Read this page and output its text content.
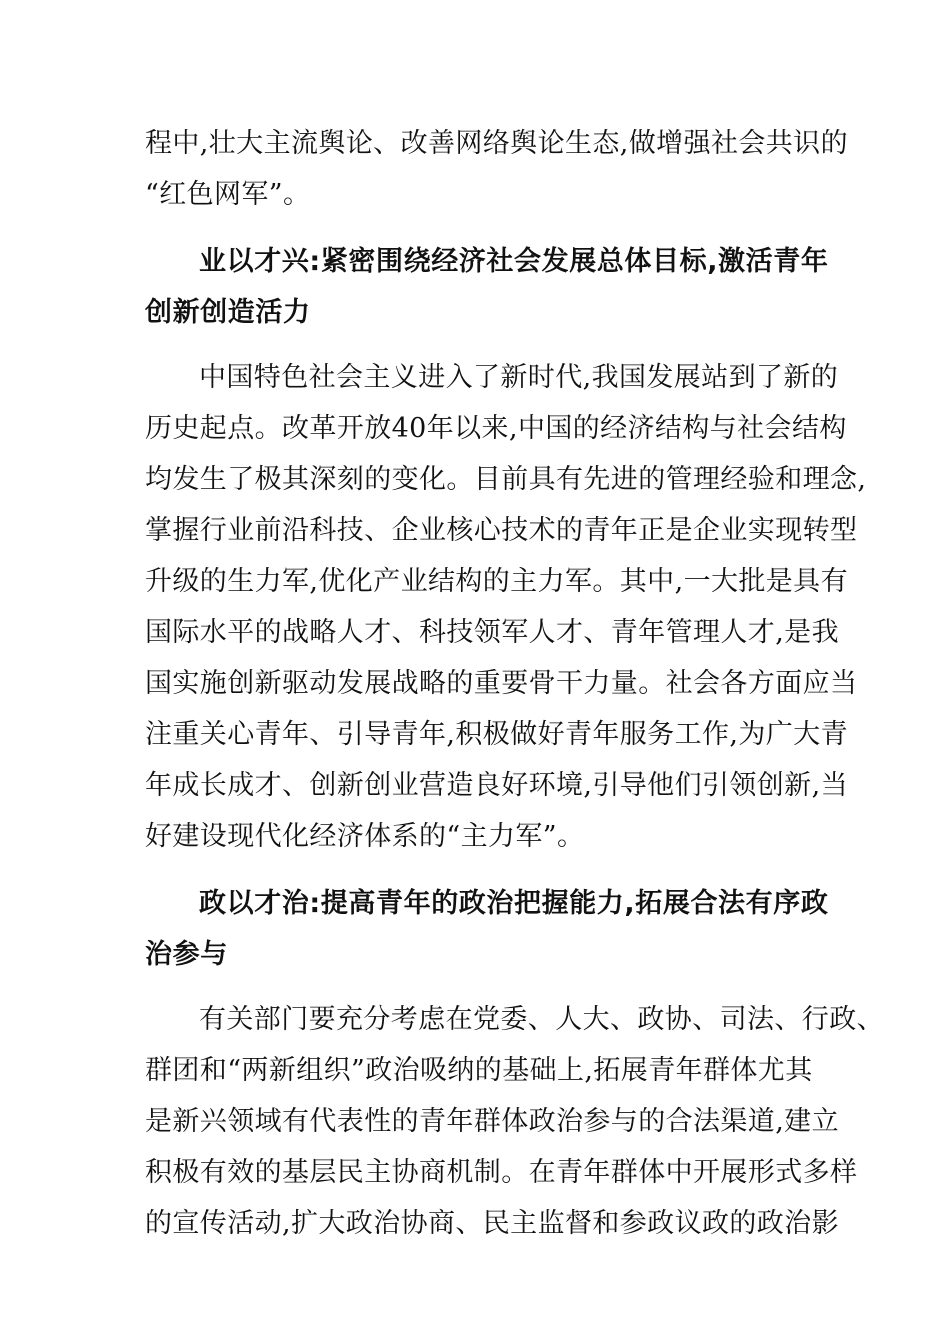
程中,壮大主流舆论、改善网络舆论生态,做增强社会共识的
“红色网军”。
业以才兴:紧密围绕经济社会发展总体目标,激活青年
创新创造活力
中国特色社会主义进入了新时代,我国发展站到了新的
历史起点。改革开放40年以来,中国的经济结构与社会结构
均发生了极其深刻的变化。目前具有先进的管理经验和理念,
掌握行业前沿科技、企业核心技术的青年正是企业实现转型
升级的生力军,优化产业结构的主力军。其中,一大批是具有
国际水平的战略人才、科技领军人才、青年管理人才,是我
国实施创新驱动发展战略的重要骨干力量。社会各方面应当
注重关心青年、引导青年,积极做好青年服务工作,为广大青
年成长成才、创新创业营造良好环境,引导他们引领创新,当
好建设现代化经济体系的“主力军”。
政以才治:提高青年的政治把握能力,拓展合法有序政
治参与
有关部门要充分考虑在党委、人大、政协、司法、行政、
群团和“两新组织”政治吸纳的基础上,拓展青年群体尤其
是新兴领域有代表性的青年群体政治参与的合法渠道,建立
积极有效的基层民主协商机制。在青年群体中开展形式多样
的宣传活动,扩大政治协商、民主监督和参政议政的政治影
